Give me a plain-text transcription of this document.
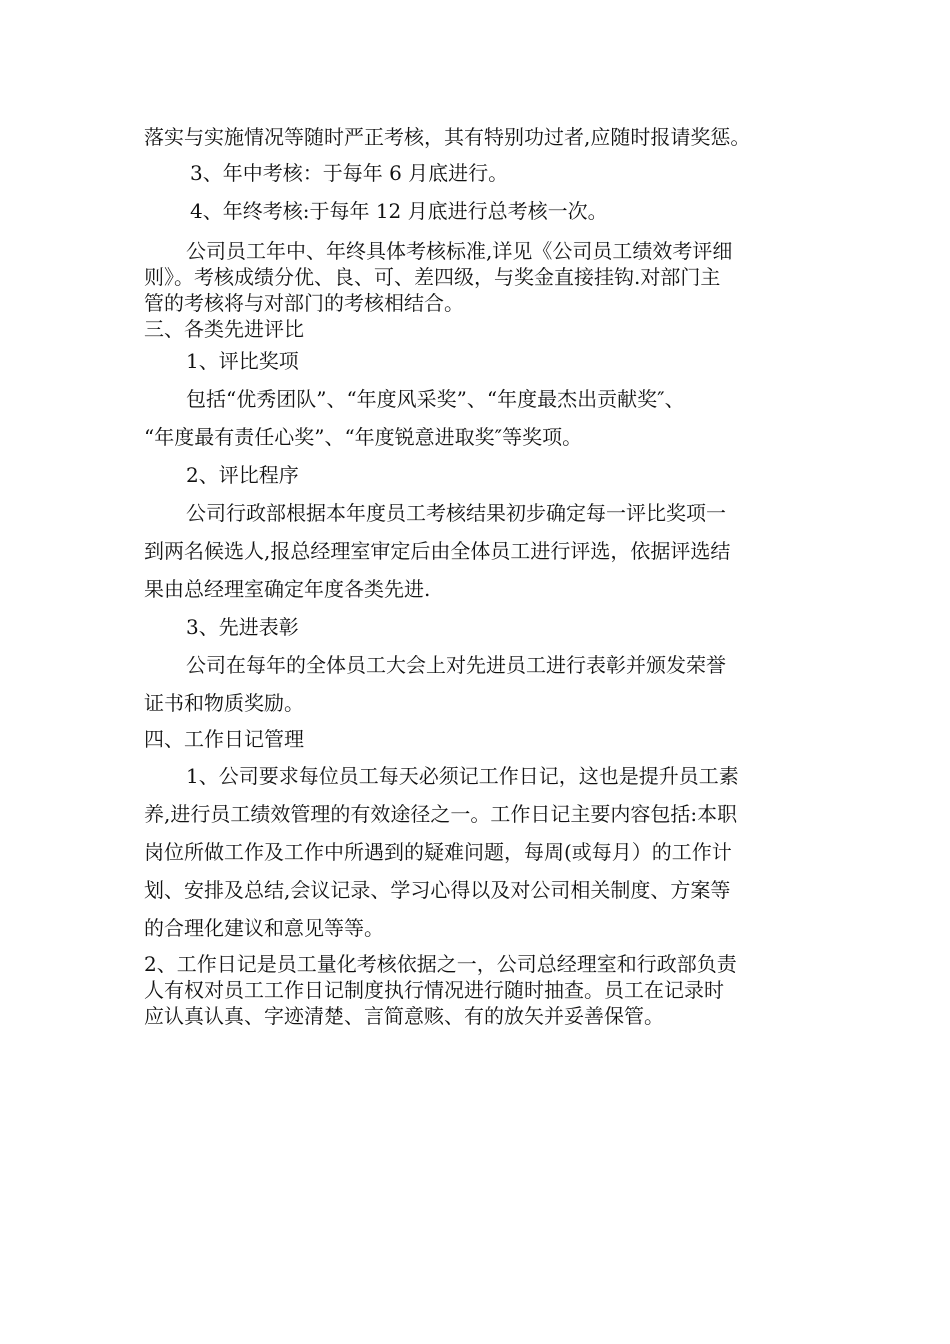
落实与实施情况等随时严正考核，其有特别功过者,应随时报请奖惩。

3、年中考核：于每年 6 月底进行。

4、年终考核:于每年 12 月底进行总考核一次。

公司员工年中、年终具体考核标准,详见《公司员工绩效考评细

则》。考核成绩分优、良、可、差四级，与奖金直接挂钩.对部门主

管的考核将与对部门的考核相结合。

三、各类先进评比

1、评比奖项

包括“优秀团队”、“年度风采奖”、“年度最杰出贡献奖″、

“年度最有责任心奖”、“年度锐意进取奖″等奖项。

2、评比程序

公司行政部根据本年度员工考核结果初步确定每一评比奖项一

到两名候选人,报总经理室审定后由全体员工进行评选，依据评选结

果由总经理室确定年度各类先进.

3、先进表彰

公司在每年的全体员工大会上对先进员工进行表彰并颁发荣誉

证书和物质奖励。

四、工作日记管理

1、公司要求每位员工每天必须记工作日记，这也是提升员工素

养,进行员工绩效管理的有效途径之一。工作日记主要内容包括:本职

岗位所做工作及工作中所遇到的疑难问题，每周(或每月）的工作计

划、安排及总结,会议记录、学习心得以及对公司相关制度、方案等

的合理化建议和意见等等。

2、工作日记是员工量化考核依据之一，公司总经理室和行政部负责

人有权对员工工作日记制度执行情况进行随时抽查。员工在记录时

应认真认真、字迹清楚、言简意赅、有的放矢并妥善保管。
